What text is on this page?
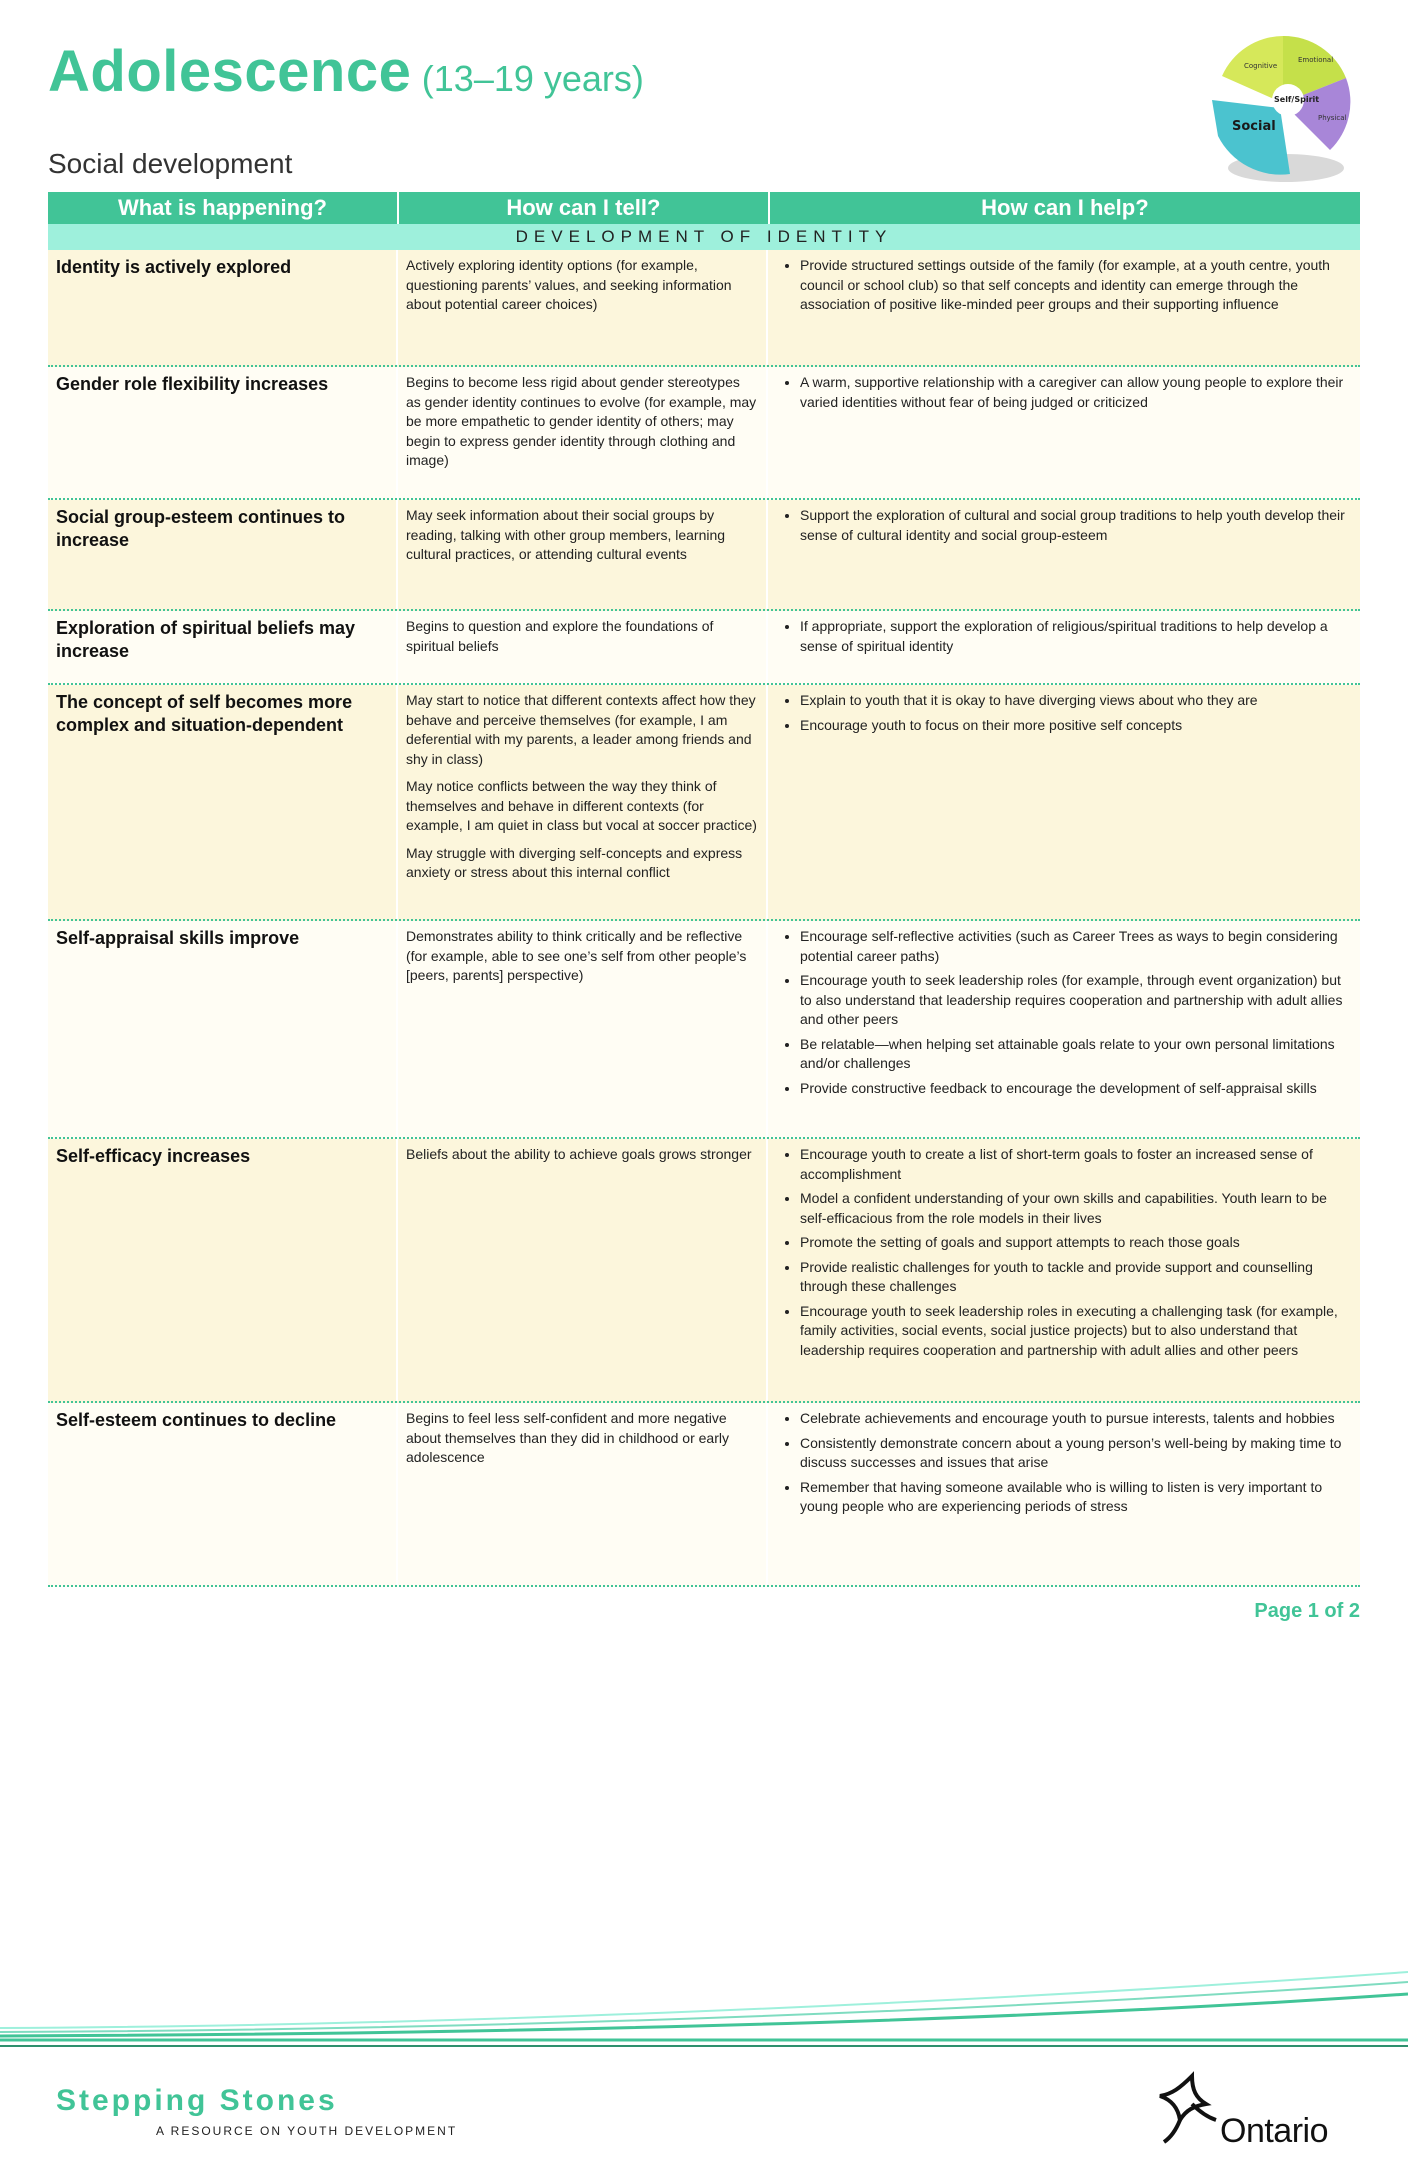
Adolescence (13–19 years)
Social development
Cognitive
Emotional
Self/Spirit
Physical
Social
What is happening?	How can I tell?	How can I help?
DEVELOPMENT OF IDENTITY
Identity is actively explored	Actively exploring identity options (for example, questioning parents’ values, and seeking information about potential career choices)

• Provide structured settings outside of the family (for example, at a youth centre, youth council or school club) so that self concepts and identity can emerge through the association of positive like-minded peer groups and their supporting influence
Gender role flexibility increases	Begins to become less rigid about gender stereotypes as gender identity continues to evolve (for example, may be more empathetic to gender identity of others; may begin to express gender identity through clothing and image)

• A warm, supportive relationship with a caregiver can allow young people to explore their varied identities without fear of being judged or criticized
Social group-esteem continues to increase

May seek information about their social groups by reading, talking with other group members, learning cultural practices, or attending cultural events

• Support the exploration of cultural and social group traditions to help youth develop their sense of cultural identity and social group-esteem
Exploration of spiritual beliefs may increase

Begins to question and explore the foundations of spiritual beliefs

• If appropriate, support the exploration of religious/spiritual traditions to help develop a sense of spiritual identity
The concept of self becomes more complex and situation-dependent

May start to notice that different contexts affect how they behave and perceive themselves (for example, I am deferential with my parents, a leader among friends and shy in class)

May notice conflicts between the way they think of themselves and behave in different contexts (for example, I am quiet in class but vocal at soccer practice)

May struggle with diverging self-concepts and express anxiety or stress about this internal conflict

• Explain to youth that it is okay to have diverging views about who they are
• Encourage youth to focus on their more positive self concepts
Self-appraisal skills improve	Demonstrates ability to think critically and be reflective (for example, able to see one’s self from other people’s [peers, parents] perspective)

• Encourage self-reflective activities (such as Career Trees as ways to begin considering potential career paths)
• Encourage youth to seek leadership roles (for example, through event organization) but to also understand that leadership requires cooperation and partnership with adult allies and other peers
• Be relatable—when helping set attainable goals relate to your own personal limitations and/or challenges
• Provide constructive feedback to encourage the development of self-appraisal skills
Self-efficacy increases	Beliefs about the ability to achieve goals grows stronger

•	Encourage youth to create a list of short-term goals to foster an increased sense of accomplishment
• Model a confident understanding of your own skills and capabilities. Youth learn to be self-efficacious from the role models in their lives
• Promote the setting of goals and support attempts to reach those goals
• Provide realistic challenges for youth to tackle and provide support and counselling through these challenges
• Encourage youth to seek leadership roles in executing a challenging task (for example, family activities, social events, social justice projects) but to also understand that leadership requires cooperation and partnership with adult allies and other peers
Self-esteem continues to decline	Begins to feel less self-confident and more negative about themselves than they did in childhood or early adolescence

• Celebrate achievements and encourage youth to pursue interests, talents and hobbies
• Consistently demonstrate concern about a young person’s well-being by making time to discuss successes and issues that arise
• Remember that having someone available who is willing to listen is very important to young people who are experiencing periods of stress
Page 1 of 2
Stepping Stones
A RESOURCE ON YOUTH DEVELOPMENT	Ontario
